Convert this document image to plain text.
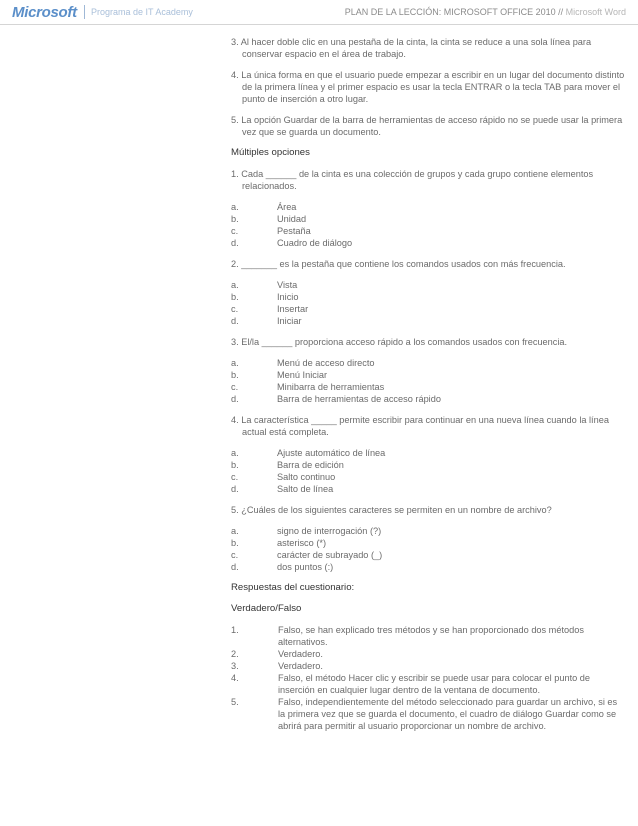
Microsoft Programa de IT Academy	PLAN DE LA LECCIÓN: MICROSOFT OFFICE 2010 // Microsoft Word

3. Al hacer doble clic en una pestaña de la cinta, la cinta se reduce a una sola línea para conservar espacio en el área de trabajo.

4. La única forma en que el usuario puede empezar a escribir en un lugar del documento distinto de la primera línea y el primer espacio es usar la tecla ENTRAR o la tecla TAB para mover el punto de inserción a otro lugar.

5. La opción Guardar de la barra de herramientas de acceso rápido no se puede usar la primera vez que se guarda un documento.

Múltiples opciones

1. Cada ______ de la cinta es una colección de grupos y cada grupo contiene elementos relacionados.

a.	Área
b.	Unidad
c.	Pestaña
d.	Cuadro de diálogo

2. _______ es la pestaña que contiene los comandos usados con más frecuencia.

a.	Vista
b.	Inicio
c.	Insertar
d.	Iniciar

3. El/la ______ proporciona acceso rápido a los comandos usados con frecuencia.

a.	Menú de acceso directo
b.	Menú Iniciar
c.	Minibarra de herramientas
d.	Barra de herramientas de acceso rápido

4. La característica _____ permite escribir para continuar en una nueva línea cuando la línea actual está completa.

a.	Ajuste automático de línea
b.	Barra de edición
c.	Salto continuo
d.	Salto de línea

5. ¿Cuáles de los siguientes caracteres se permiten en un nombre de archivo?

a.	signo de interrogación (?)
b.	asterisco (*)
c.	carácter de subrayado (_)
d.	dos puntos (:)

Respuestas del cuestionario:

Verdadero/Falso

1.	Falso, se han explicado tres métodos y se han proporcionado dos métodos alternativos.
2.	Verdadero.
3.	Verdadero.
4.	Falso, el método Hacer clic y escribir se puede usar para colocar el punto de inserción en cualquier lugar dentro de la ventana de documento.
5.	Falso, independientemente del método seleccionado para guardar un archivo, si es la primera vez que se guarda el documento, el cuadro de diálogo Guardar como se abrirá para permitir al usuario proporcionar un nombre de archivo.
